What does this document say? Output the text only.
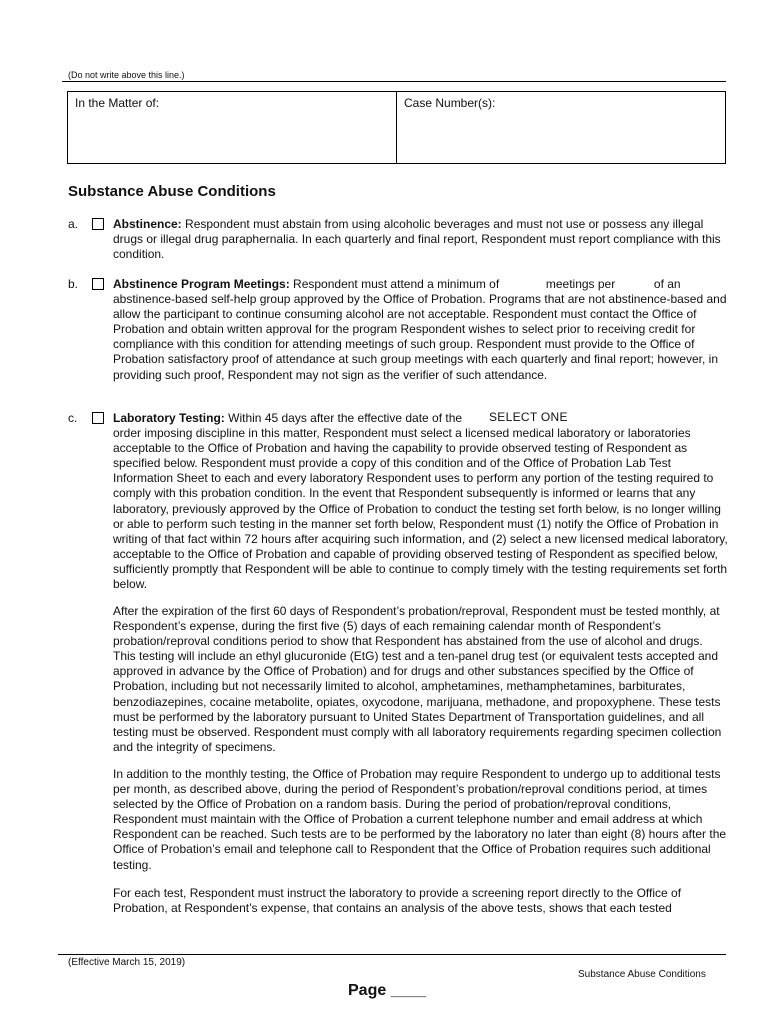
(Do not write above this line.)
In the Matter of:	Case Number(s):
Substance Abuse Conditions
a.	Abstinence: Respondent must abstain from using alcoholic beverages and must not use or possess any illegal drugs or illegal drug paraphernalia. In each quarterly and final report, Respondent must report compliance with this condition.
b.	Abstinence Program Meetings: Respondent must attend a minimum of	meetings per	of an abstinence-based self-help group approved by the Office of Probation. Programs that are not abstinence-based and allow the participant to continue consuming alcohol are not acceptable. Respondent must contact the Office of Probation and obtain written approval for the program Respondent wishes to select prior to receiving credit for compliance with this condition for attending meetings of such group. Respondent must provide to the Office of Probation satisfactory proof of attendance at such group meetings with each quarterly and final report; however, in providing such proof, Respondent may not sign as the verifier of such attendance.
c.	Laboratory Testing: Within 45 days after the effective date of the
order imposing discipline in this matter, Respondent must select a licensed medical laboratory or laboratories acceptable to the Office of Probation and having the capability to provide observed testing of Respondent as specified below. Respondent must provide a copy of this condition and of the Office of Probation Lab Test Information Sheet to each and every laboratory Respondent uses to perform any portion of the testing required to comply with this probation condition. In the event that Respondent subsequently is informed or learns that any laboratory, previously approved by the Office of Probation to conduct the testing set forth below, is no longer willing or able to perform such testing in the manner set forth below, Respondent must (1) notify the Office of Probation in writing of that fact within 72 hours after acquiring such information, and (2) select a new licensed medical laboratory, acceptable to the Office of Probation and capable of providing observed testing of Respondent as specified below, sufficiently promptly that Respondent will be able to continue to comply timely with the testing requirements set forth below.
SELECT ONE
After the expiration of the first 60 days of Respondent’s probation/reproval, Respondent must be tested monthly, at Respondent’s expense, during the first five (5) days of each remaining calendar month of Respondent’s probation/reproval conditions period to show that Respondent has abstained from the use of alcohol and drugs. This testing will include an ethyl glucuronide (EtG) test and a ten-panel drug test (or equivalent tests accepted and approved in advance by the Office of Probation) and for drugs and other substances specified by the Office of Probation, including but not necessarily limited to alcohol, amphetamines, methamphetamines, barbiturates, benzodiazepines, cocaine metabolite, opiates, oxycodone, marijuana, methadone, and propoxyphene. These tests must be performed by the laboratory pursuant to United States Department of Transportation guidelines, and all testing must be observed. Respondent must comply with all laboratory requirements regarding specimen collection and the integrity of specimens.
In addition to the monthly testing, the Office of Probation may require Respondent to undergo up to additional tests per month, as described above, during the period of Respondent’s probation/reproval conditions period, at times selected by the Office of Probation on a random basis. During the period of probation/reproval conditions, Respondent must maintain with the Office of Probation a current telephone number and email address at which Respondent can be reached. Such tests are to be performed by the laboratory no later than eight (8) hours after the Office of Probation’s email and telephone call to Respondent that the Office of Probation requires such additional testing.
For each test, Respondent must instruct the laboratory to provide a screening report directly to the Office of Probation, at Respondent’s expense, that contains an analysis of the above tests, shows that each tested
(Effective March 15, 2019)
Substance Abuse Conditions
Page ____
